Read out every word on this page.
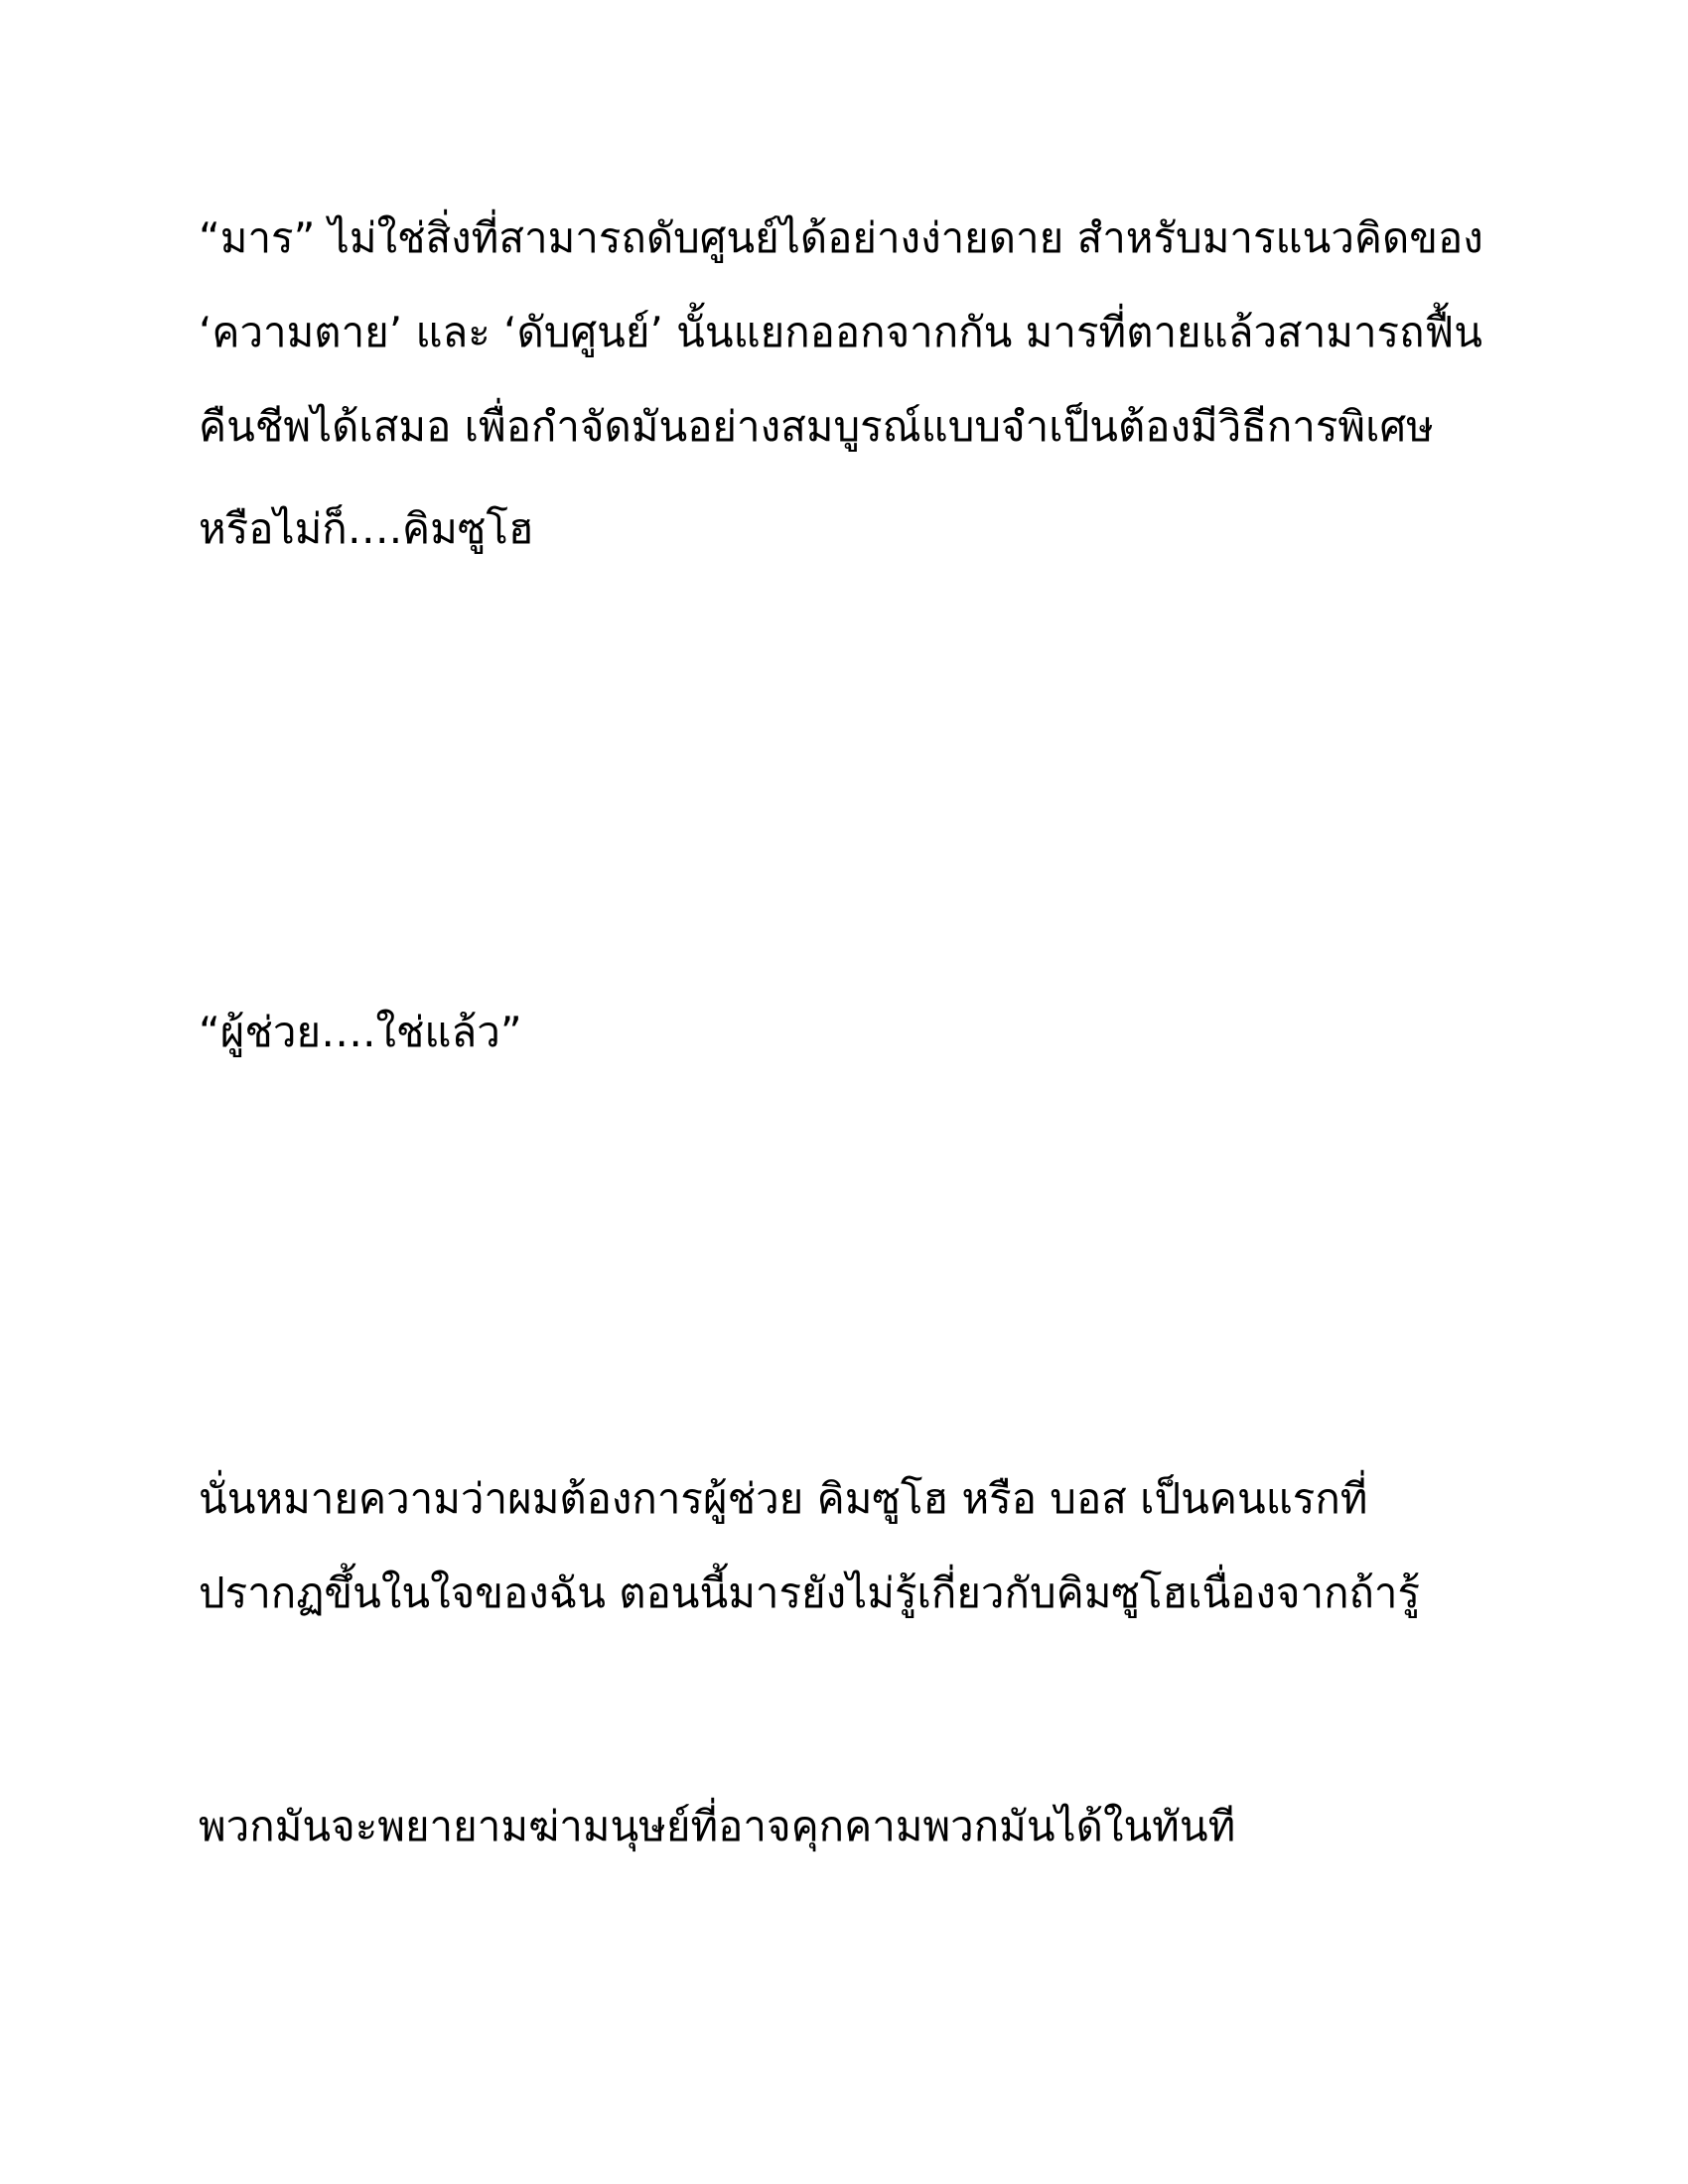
“มาร” ไม่ใช่สิ่งที่สามารถดับศูนย์ได้อย่างง่ายดาย สำหรับมารแนวคิดของ
‘ความตาย’ และ ‘ดับศูนย์’ นั้นแยกออกจากกัน มารที่ตายแล้วสามารถฟื้น
คืนชีพได้เสมอ เพื่อกำจัดมันอย่างสมบูรณ์แบบจำเป็นต้องมีวิธีการพิเศษ
หรือไม่ก็….คิมซูโฮ
“ผู้ช่วย….ใช่แล้ว”
นั่นหมายความว่าผมต้องการผู้ช่วย คิมซูโฮ หรือ บอส เป็นคนแรกที่
ปรากฏขึ้นในใจของฉัน ตอนนี้มารยังไม่รู้เกี่ยวกับคิมซูโฮเนื่องจากถ้ารู้
พวกมันจะพยายามฆ่ามนุษย์ที่อาจคุกคามพวกมันได้ในทันที
